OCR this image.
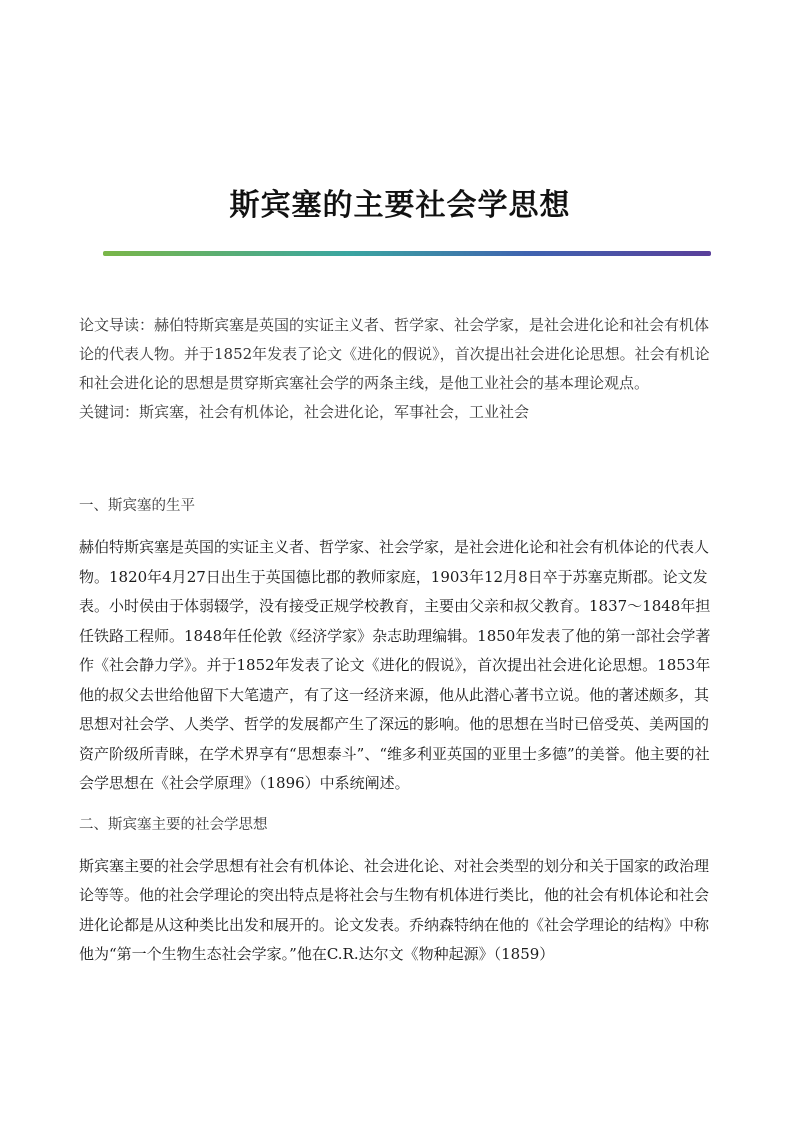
斯宾塞的主要社会学思想

论文导读：赫伯特斯宾塞是英国的实证主义者、哲学家、社会学家，是社会进化论和社会有机体论的代表人物。并于1852年发表了论文《进化的假说》，首次提出社会进化论思想。社会有机论和社会进化论的思想是贯穿斯宾塞社会学的两条主线，是他工业社会的基本理论观点。

关键词：斯宾塞，社会有机体论，社会进化论，军事社会，工业社会

一、斯宾塞的生平

赫伯特斯宾塞是英国的实证主义者、哲学家、社会学家，是社会进化论和社会有机体论的代表人物。1820年4月27日出生于英国德比郡的教师家庭，1903年12月8日卒于苏塞克斯郡。论文发表。小时侯由于体弱辍学，没有接受正规学校教育，主要由父亲和叔父教育。1837～1848年担任铁路工程师。1848年任伦敦《经济学家》杂志助理编辑。1850年发表了他的第一部社会学著作《社会静力学》。并于1852年发表了论文《进化的假说》，首次提出社会进化论思想。1853年他的叔父去世给他留下大笔遗产，有了这一经济来源，他从此潜心著书立说。他的著述颇多，其思想对社会学、人类学、哲学的发展都产生了深远的影响。他的思想在当时已倍受英、美两国的资产阶级所青睐，在学术界享有“思想泰斗”、“维多利亚英国的亚里士多德”的美誉。他主要的社会学思想在《社会学原理》（1896）中系统阐述。

二、斯宾塞主要的社会学思想

斯宾塞主要的社会学思想有社会有机体论、社会进化论、对社会类型的划分和关于国家的政治理论等等。他的社会学理论的突出特点是将社会与生物有机体进行类比，他的社会有机体论和社会进化论都是从这种类比出发和展开的。论文发表。乔纳森特纳在他的《社会学理论的结构》中称他为“第一个生物生态社会学家。”他在C.R.达尔文《物种起源》（1859）
